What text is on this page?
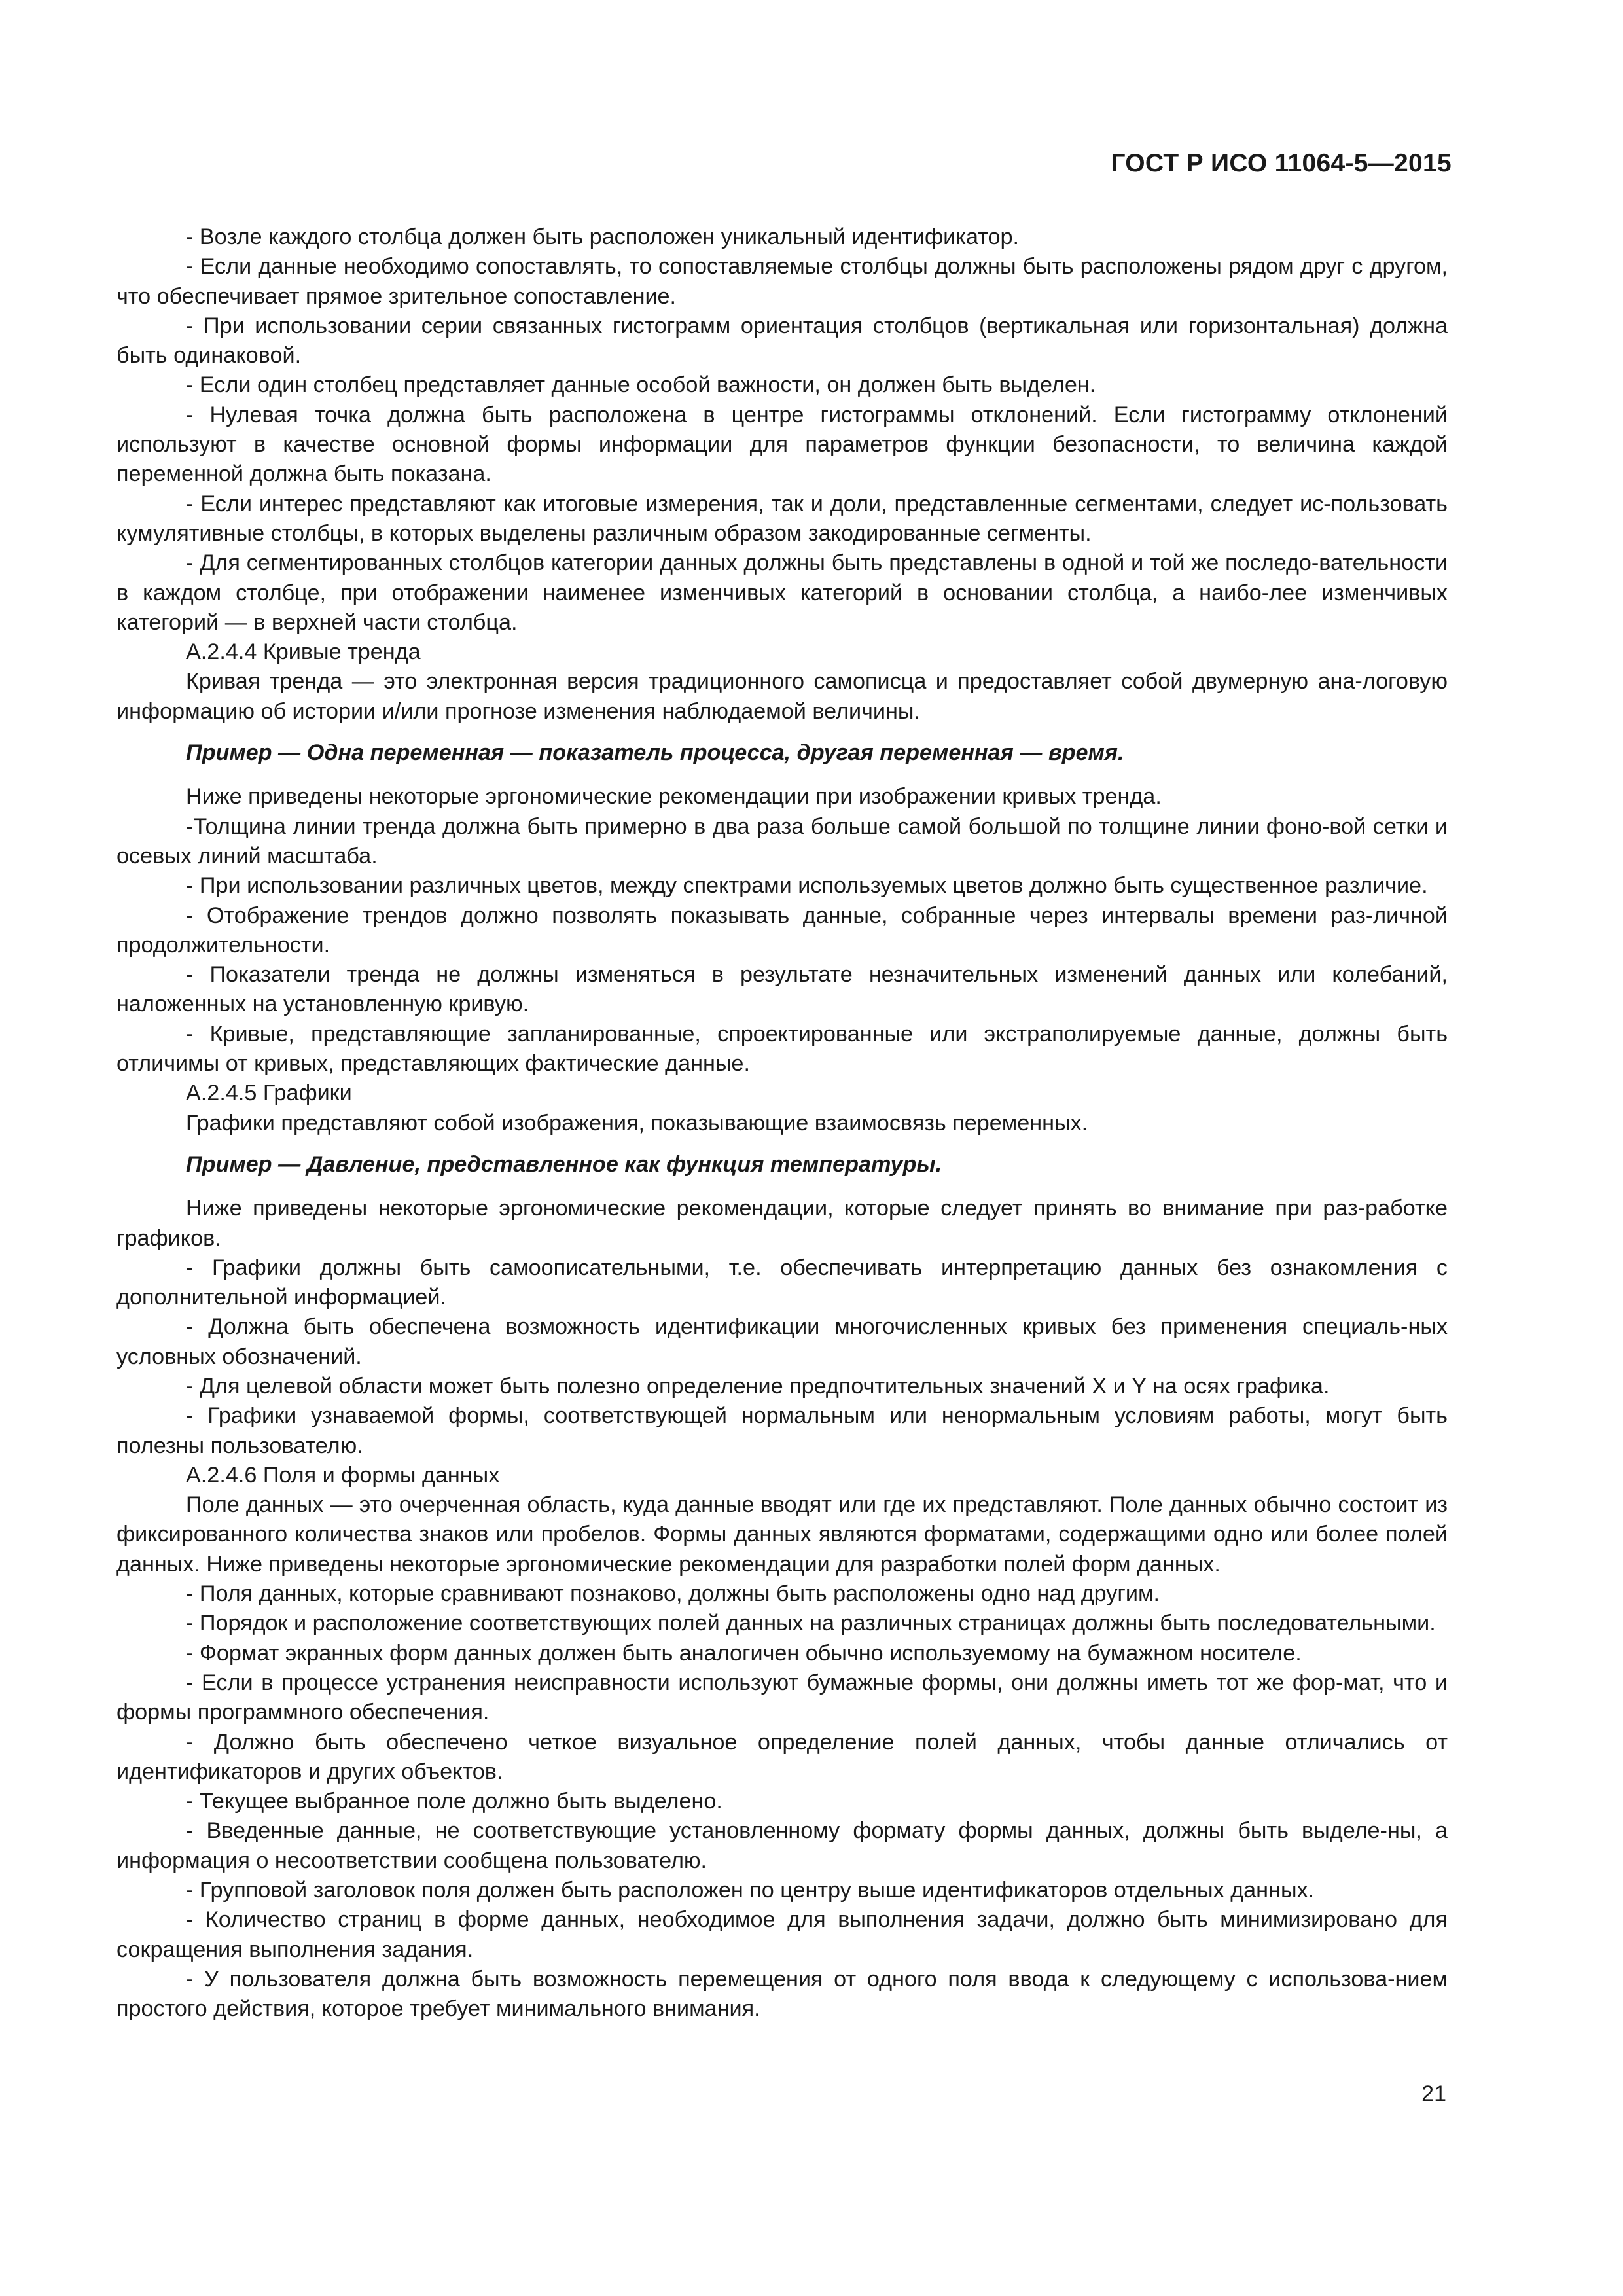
ГОСТ Р ИСО 11064-5—2015

- Возле каждого столбца должен быть расположен уникальный идентификатор.

- Если данные необходимо сопоставлять, то сопоставляемые столбцы должны быть расположены рядом друг с другом, что обеспечивает прямое зрительное сопоставление.

- При использовании серии связанных гистограмм ориентация столбцов (вертикальная или горизонтальная) должна быть одинаковой.

- Если один столбец представляет данные особой важности, он должен быть выделен.

- Нулевая точка должна быть расположена в центре гистограммы отклонений. Если гистограмму отклонений используют в качестве основной формы информации для параметров функции безопасности, то величина каждой переменной должна быть показана.

- Если интерес представляют как итоговые измерения, так и доли, представленные сегментами, следует ис-пользовать кумулятивные столбцы, в которых выделены различным образом закодированные сегменты.

- Для сегментированных столбцов категории данных должны быть представлены в одной и той же последо-вательности в каждом столбце, при отображении наименее изменчивых категорий в основании столбца, а наибо-лее изменчивых категорий — в верхней части столбца.

А.2.4.4 Кривые тренда

Кривая тренда — это электронная версия традиционного самописца и предоставляет собой двумерную ана-логовую информацию об истории и/или прогнозе изменения наблюдаемой величины.

Пример — Одна переменная — показатель процесса, другая переменная — время.

Ниже приведены некоторые эргономические рекомендации при изображении кривых тренда.

-Толщина линии тренда должна быть примерно в два раза больше самой большой по толщине линии фоно-вой сетки и осевых линий масштаба.

- При использовании различных цветов, между спектрами используемых цветов должно быть существенное различие.

- Отображение трендов должно позволять показывать данные, собранные через интервалы времени раз-личной продолжительности.

- Показатели тренда не должны изменяться в результате незначительных изменений данных или колебаний, наложенных на установленную кривую.

- Кривые, представляющие запланированные, спроектированные или экстраполируемые данные, должны быть отличимы от кривых, представляющих фактические данные.

А.2.4.5 Графики

Графики представляют собой изображения, показывающие взаимосвязь переменных.

Пример — Давление, представленное как функция температуры.

Ниже приведены некоторые эргономические рекомендации, которые следует принять во внимание при раз-работке графиков.

- Графики должны быть самоописательными, т.е. обеспечивать интерпретацию данных без ознакомления с дополнительной информацией.

- Должна быть обеспечена возможность идентификации многочисленных кривых без применения специаль-ных условных обозначений.

- Для целевой области может быть полезно определение предпочтительных значений X и Y на осях графика.

- Графики узнаваемой формы, соответствующей нормальным или ненормальным условиям работы, могут быть полезны пользователю.

А.2.4.6 Поля и формы данных

Поле данных — это очерченная область, куда данные вводят или где их представляют. Поле данных обычно состоит из фиксированного количества знаков или пробелов. Формы данных являются форматами, содержащими одно или более полей данных. Ниже приведены некоторые эргономические рекомендации для разработки полей форм данных.

- Поля данных, которые сравнивают познаково, должны быть расположены одно над другим.

- Порядок и расположение соответствующих полей данных на различных страницах должны быть последовательными.

- Формат экранных форм данных должен быть аналогичен обычно используемому на бумажном носителе.

- Если в процессе устранения неисправности используют бумажные формы, они должны иметь тот же фор-мат, что и формы программного обеспечения.

- Должно быть обеспечено четкое визуальное определение полей данных, чтобы данные отличались от идентификаторов и других объектов.

- Текущее выбранное поле должно быть выделено.

- Введенные данные, не соответствующие установленному формату формы данных, должны быть выделе-ны, а информация о несоответствии сообщена пользователю.

- Групповой заголовок поля должен быть расположен по центру выше идентификаторов отдельных данных.

- Количество страниц в форме данных, необходимое для выполнения задачи, должно быть минимизировано для сокращения выполнения задания.

- У пользователя должна быть возможность перемещения от одного поля ввода к следующему с использова-нием простого действия, которое требует минимального внимания.

21
